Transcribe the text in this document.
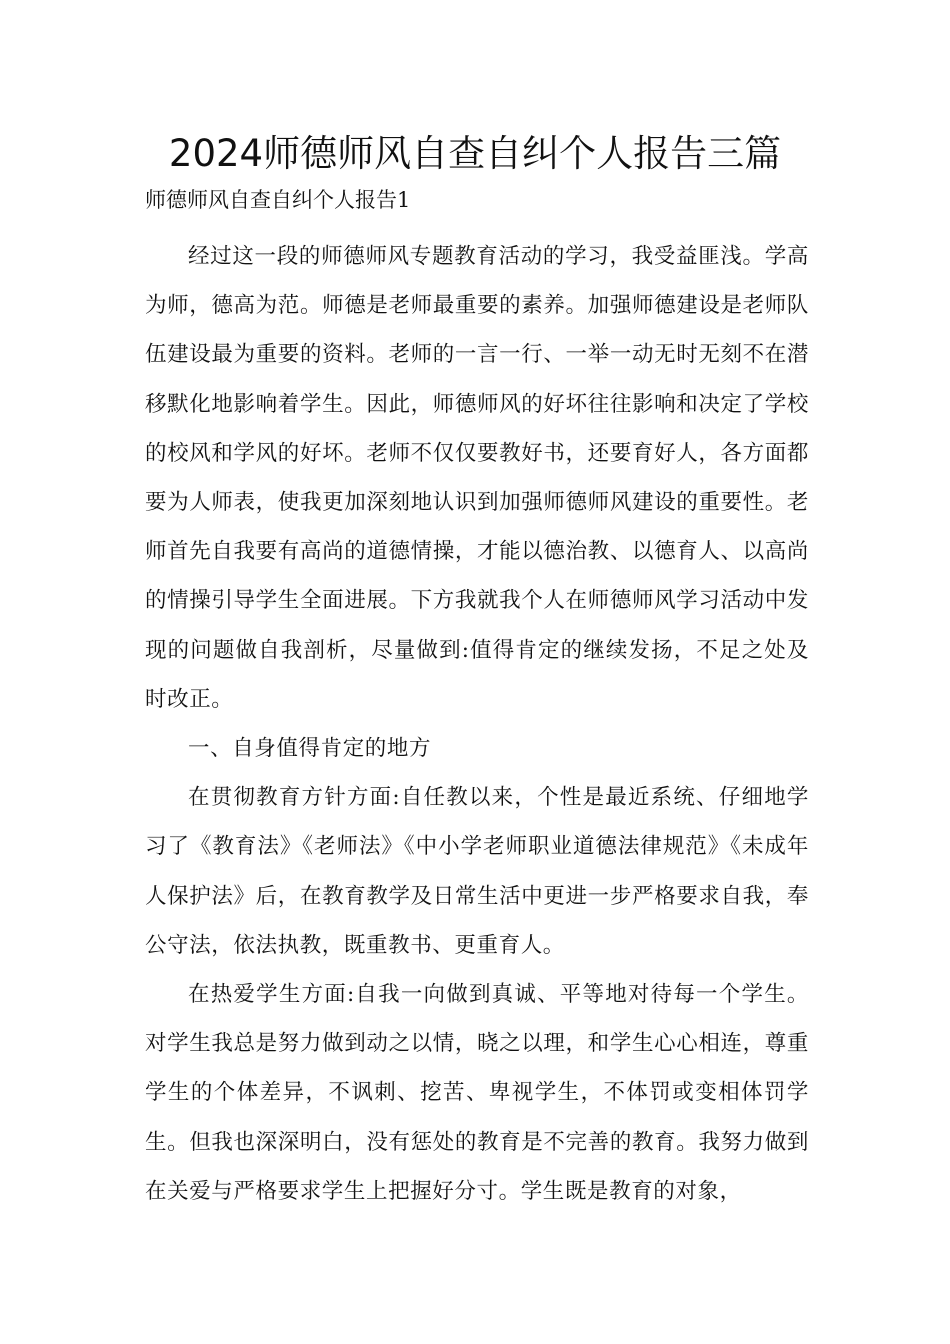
2024师德师风自查自纠个人报告三篇

师德师风自查自纠个人报告1

经过这一段的师德师风专题教育活动的学习，我受益匪浅。学高为师，德高为范。师德是老师最重要的素养。加强师德建设是老师队伍建设最为重要的资料。老师的一言一行、一举一动无时无刻不在潜移默化地影响着学生。因此，师德师风的好坏往往影响和决定了学校的校风和学风的好坏。老师不仅仅要教好书，还要育好人，各方面都要为人师表，使我更加深刻地认识到加强师德师风建设的重要性。老师首先自我要有高尚的道德情操，才能以德治教、以德育人、以高尚的情操引导学生全面进展。下方我就我个人在师德师风学习活动中发现的问题做自我剖析，尽量做到:值得肯定的继续发扬，不足之处及时改正。

一、自身值得肯定的地方

在贯彻教育方针方面:自任教以来，个性是最近系统、仔细地学习了《教育法》《老师法》《中小学老师职业道德法律规范》《未成年人保护法》后，在教育教学及日常生活中更进一步严格要求自我，奉公守法，依法执教，既重教书、更重育人。

在热爱学生方面:自我一向做到真诚、平等地对待每一个学生。对学生我总是努力做到动之以情，晓之以理，和学生心心相连，尊重学生的个体差异，不讽刺、挖苦、卑视学生，不体罚或变相体罚学生。但我也深深明白，没有惩处的教育是不完善的教育。我努力做到在关爱与严格要求学生上把握好分寸。学生既是教育的对象，
